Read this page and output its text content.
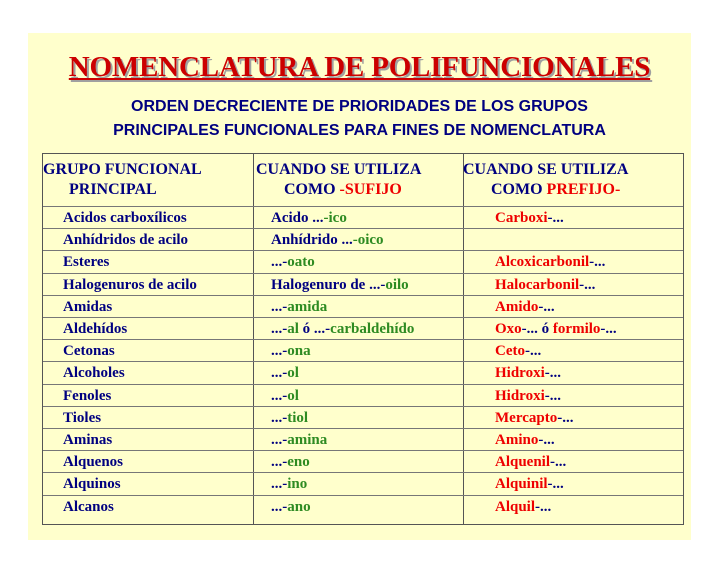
NOMENCLATURA DE POLIFUNCIONALES
ORDEN DECRECIENTE DE PRIORIDADES DE LOS GRUPOS
PRINCIPALES FUNCIONALES PARA FINES DE NOMENCLATURA
GRUPO FUNCIONAL
PRINCIPAL
CUANDO SE UTILIZA
COMO -SUFIJO
CUANDO SE UTILIZA
COMO PREFIJO-
Acidos carboxílicos	Acido ...-ico	Carboxi-...
Anhídridos de acilo	Anhídrido ...-oico
Esteres	...-oato	Alcoxicarbonil-...
Halogenuros de acilo	Halogenuro de ...-oilo	Halocarbonil-...
Amidas	...-amida	Amido-...
Aldehídos	...-al ó ...-carbaldehído	Oxo-... ó formilo-...
Cetonas	...-ona	Ceto-...
Alcoholes	...-ol	Hidroxi-...
Fenoles	...-ol	Hidroxi-...
Tioles	...-tiol	Mercapto-...
Aminas	...-amina	Amino-...
Alquenos	...-eno	Alquenil-...
Alquinos	...-ino	Alquinil-...
Alcanos	...-ano	Alquil-...
